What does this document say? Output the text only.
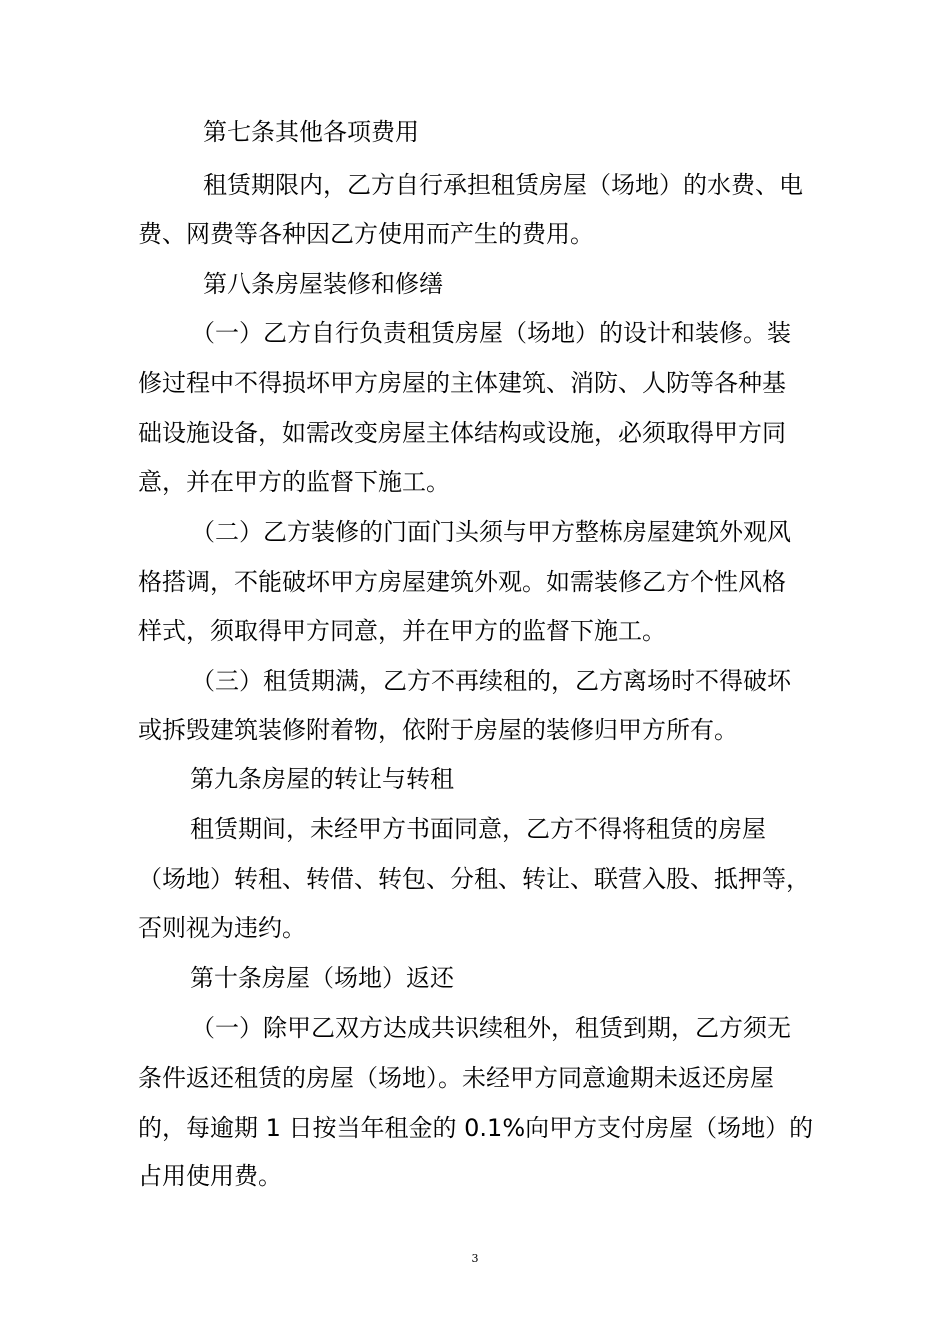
第七条其他各项费用
租赁期限内，乙方自行承担租赁房屋（场地）的水费、电
费、网费等各种因乙方使用而产生的费用。
第八条房屋装修和修缮
（一）乙方自行负责租赁房屋（场地）的设计和装修。装
修过程中不得损坏甲方房屋的主体建筑、消防、人防等各种基
础设施设备，如需改变房屋主体结构或设施，必须取得甲方同
意，并在甲方的监督下施工。
（二）乙方装修的门面门头须与甲方整栋房屋建筑外观风
格搭调，不能破坏甲方房屋建筑外观。如需装修乙方个性风格
样式，须取得甲方同意，并在甲方的监督下施工。
（三）租赁期满，乙方不再续租的，乙方离场时不得破坏
或拆毁建筑装修附着物，依附于房屋的装修归甲方所有。
第九条房屋的转让与转租
租赁期间，未经甲方书面同意，乙方不得将租赁的房屋
（场地）转租、转借、转包、分租、转让、联营入股、抵押等，
否则视为违约。
第十条房屋（场地）返还
（一）除甲乙双方达成共识续租外，租赁到期，乙方须无
条件返还租赁的房屋（场地）。未经甲方同意逾期未返还房屋
的，每逾期 1 日按当年租金的 0.1%向甲方支付房屋（场地）的
占用使用费。
3
